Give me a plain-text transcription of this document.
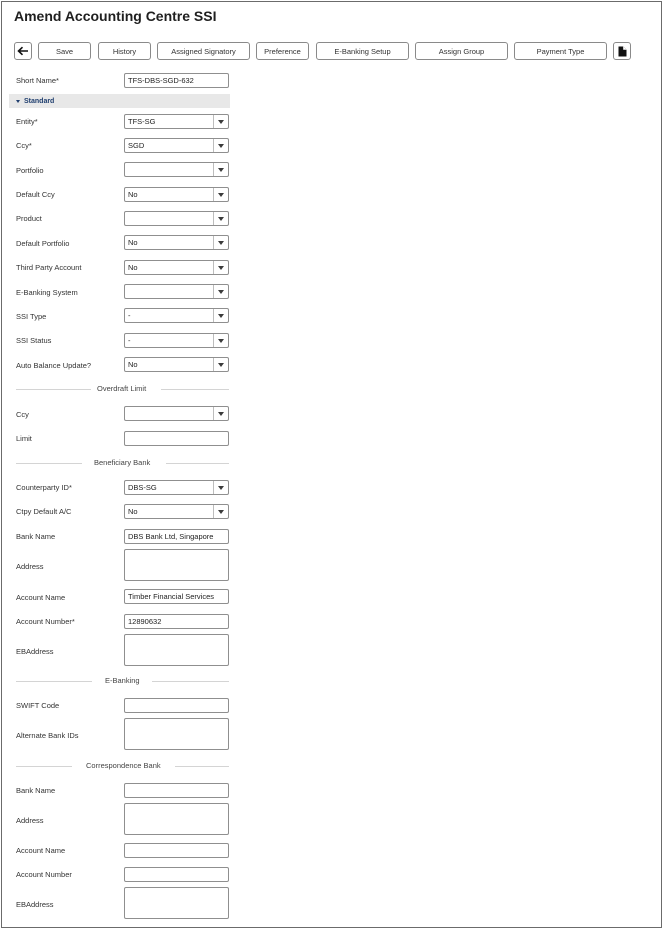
Amend Accounting Centre SSI
Save	History	Assigned Signatory	Preference	E-Banking Setup	Assign Group	Payment Type
Short Name*	TFS-DBS-SGD-632
Standard
Entity*	TFS-SG
Ccy*	SGD
Portfolio
Default Ccy	No
Product
Default Portfolio	No
Third Party Account	No
E-Banking System
SSI Type	-
SSI Status	-
Auto Balance Update?	No
Overdraft Limit
Ccy
Limit
Beneficiary Bank
Counterparty ID*	DBS-SG
Ctpy Default A/C	No
Bank Name	DBS Bank Ltd, Singapore
Address
Account Name	Timber Financial Services
Account Number*	12890632
EBAddress
E-Banking
SWIFT Code
Alternate Bank IDs
Correspondence Bank
Bank Name
Address
Account Name
Account Number
EBAddress
